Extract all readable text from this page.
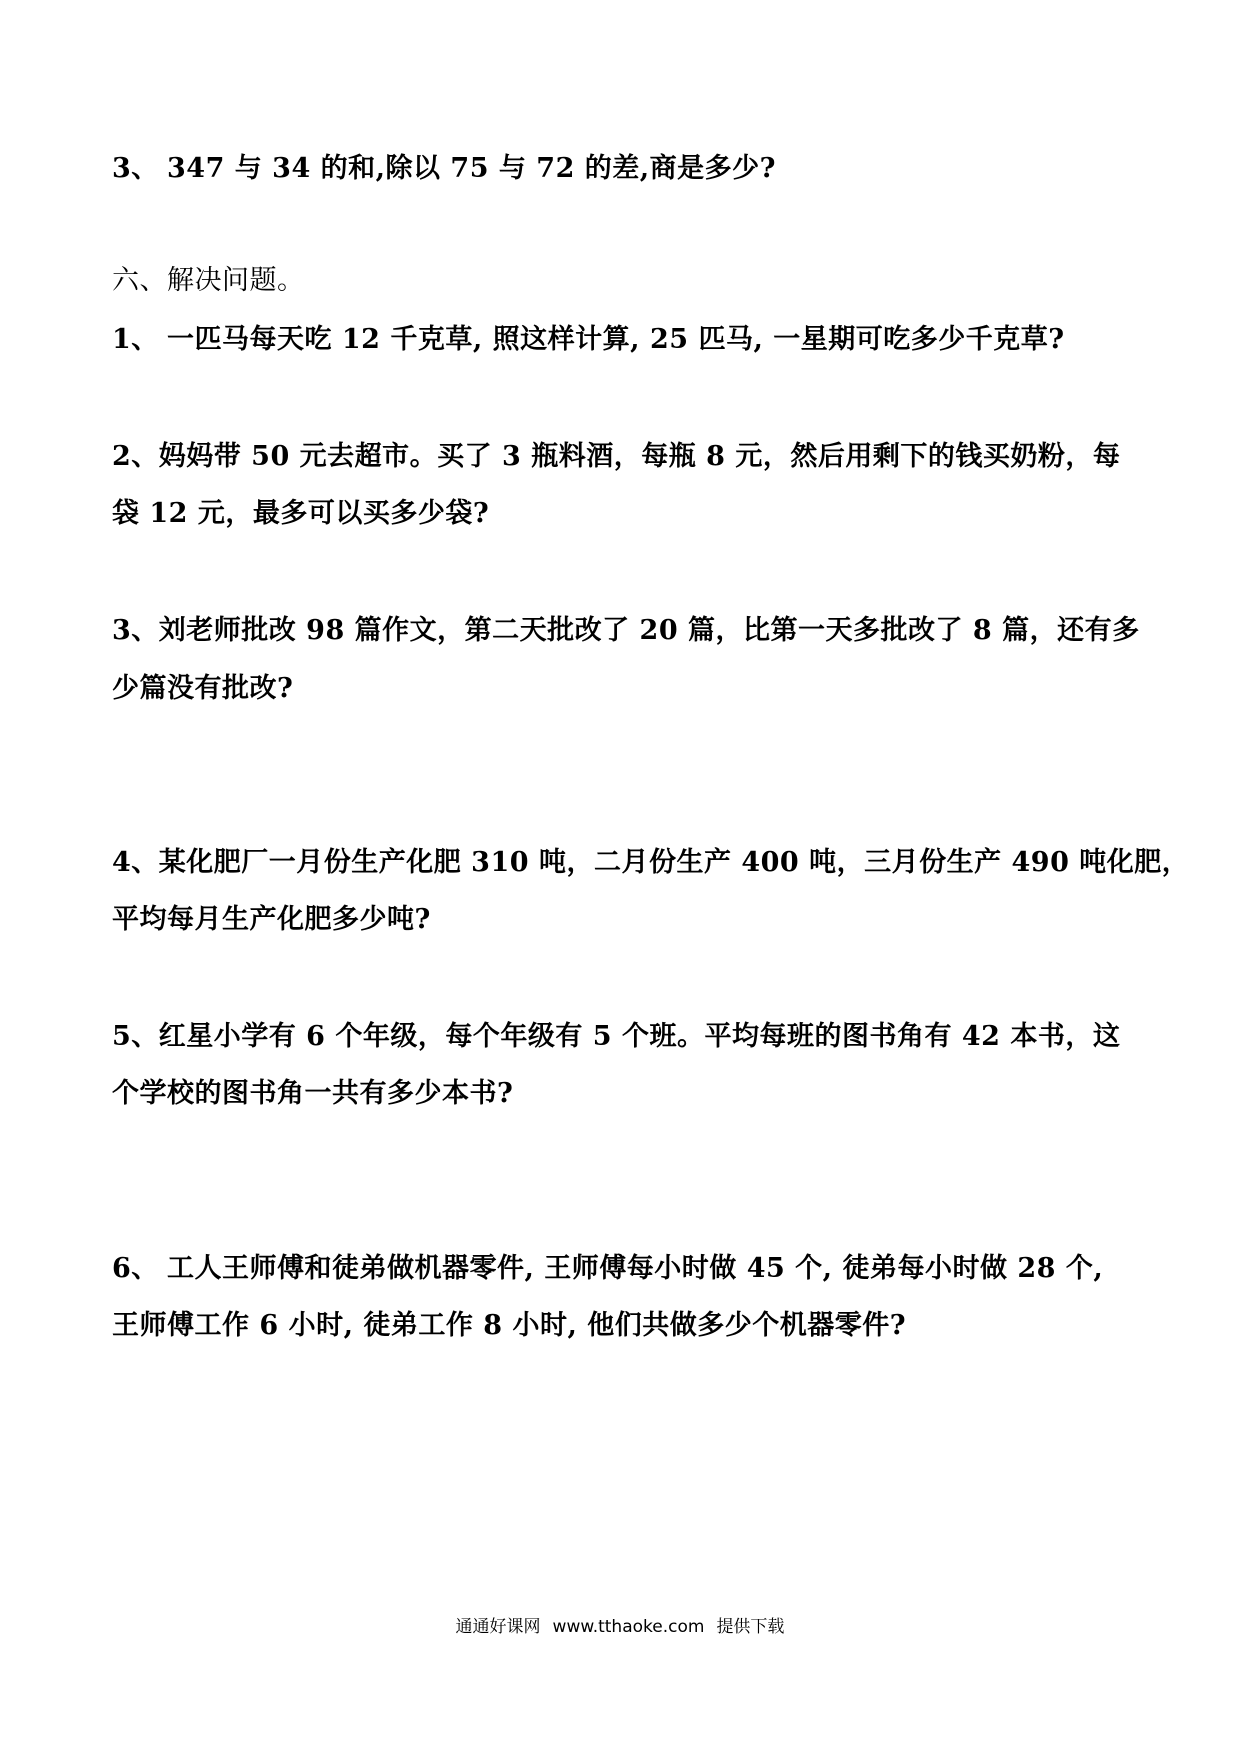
3、 347 与 34 的和,除以 75 与 72 的差,商是多少?
六、解决问题。
1、 一匹马每天吃 12 千克草, 照这样计算, 25 匹马, 一星期可吃多少千克草?
2、妈妈带 50 元去超市。买了 3 瓶料酒，每瓶 8 元，然后用剩下的钱买奶粉，每
袋 12 元，最多可以买多少袋?
3、刘老师批改 98 篇作文，第二天批改了 20 篇，比第一天多批改了 8 篇，还有多
少篇没有批改?
4、某化肥厂一月份生产化肥 310 吨，二月份生产 400 吨，三月份生产 490 吨化肥，
平均每月生产化肥多少吨?
5、红星小学有 6 个年级，每个年级有 5 个班。平均每班的图书角有 42 本书，这
个学校的图书角一共有多少本书?
6、 工人王师傅和徒弟做机器零件, 王师傅每小时做 45 个, 徒弟每小时做 28 个,
王师傅工作 6 小时, 徒弟工作 8 小时, 他们共做多少个机器零件?
通通好课网 www.tthaoke.com 提供下载
